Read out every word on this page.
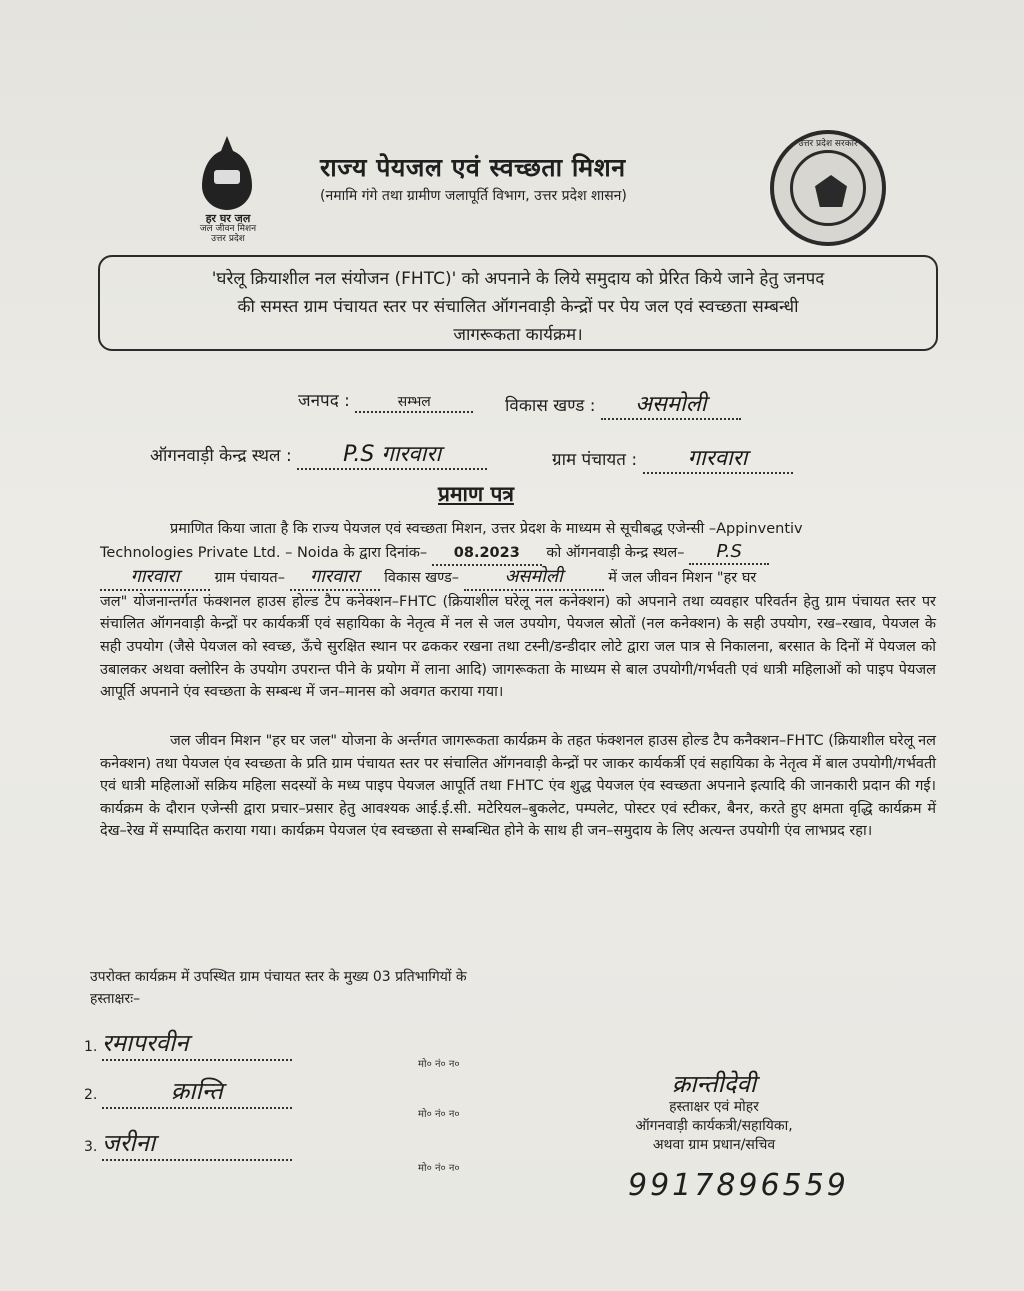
हर घर जल
जल जीवन मिशन
उत्तर प्रदेश
राज्य पेयजल एवं स्वच्छता मिशन
(नमामि गंगे तथा ग्रामीण जलापूर्ति विभाग, उत्तर प्रदेश शासन)
उत्तर प्रदेश सरकार
'घरेलू क्रियाशील नल संयोजन (FHTC)' को अपनाने के लिये समुदाय को प्रेरित किये जाने हेतु जनपद
की समस्त ग्राम पंचायत स्तर पर संचालित ऑगनवाड़ी केन्द्रों पर पेय जल एवं स्वच्छता सम्बन्धी
जागरूकता कार्यक्रम।
जनपद :	सम्भल	विकास खण्ड : असमोली
ऑगनवाड़ी केन्द्र स्थल : P.S गारवारा	ग्राम पंचायत : गारवारा
प्रमाण पत्र
प्रमाणित किया जाता है कि राज्य पेयजल एवं स्वच्छता मिशन, उत्तर प्रेदश के माध्यम से सूचीबद्ध एजेन्सी –Appinventiv
Technologies Private Ltd. – Noida के द्वारा दिनांक– 08.2023 को ऑगनवाड़ी केन्द्र स्थल– P.S
गारवारा ग्राम पंचायत– गारवारा विकास खण्ड–	असमोली	में जल जीवन मिशन "हर घर
जल" योजनान्तर्गत फंक्शनल हाउस होल्ड टैप कनेक्शन–FHTC (क्रियाशील घरेलू नल कनेक्शन) को अपनाने तथा व्यवहार परिवर्तन हेतु ग्राम पंचायत स्तर पर संचालित ऑगनवाड़ी केन्द्रों पर कार्यकर्त्री एवं सहायिका के नेतृत्व में नल से जल उपयोग, पेयजल स्रोतों (नल कनेक्शन) के सही उपयोग, रख–रखाव, पेयजल के सही उपयोग (जैसे पेयजल को स्वच्छ, ऊँचे सुरक्षित स्थान पर ढककर रखना तथा टस्नी/डन्डीदार लोटे द्वारा जल पात्र से निकालना, बरसात के दिनों में पेयजल को उबालकर अथवा क्लोरिन के उपयोग उपरान्त पीने के प्रयोग में लाना आदि) जागरूकता के माध्यम से बाल उपयोगी/गर्भवती एवं धात्री महिलाओं को पाइप पेयजल आपूर्ति अपनाने एंव स्वच्छता के सम्बन्ध में जन–मानस को अवगत कराया गया।

जल जीवन मिशन "हर घर जल" योजना के अर्न्तगत जागरूकता कार्यक्रम के तहत फंक्शनल हाउस होल्ड टैप कनैक्शन–FHTC (क्रियाशील घरेलू नल कनेक्शन) तथा पेयजल एंव स्वच्छता के प्रति ग्राम पंचायत स्तर पर संचालित ऑगनवाड़ी केन्द्रों पर जाकर कार्यकर्त्री एवं सहायिका के नेतृत्व में बाल उपयोगी/गर्भवती एवं धात्री महिलाओं सक्रिय महिला सदस्यों के मध्य पाइप पेयजल आपूर्ति तथा FHTC एंव शुद्ध पेयजल एंव स्वच्छता अपनाने इत्यादि की जानकारी प्रदान की गई। कार्यक्रम के दौरान एजेन्सी द्वारा प्रचार–प्रसार हेतु आवश्यक आई.ई.सी. मटेरियल–बुकलेट, पम्पलेट, पोस्टर एवं स्टीकर, बैनर, करते हुए क्षमता वृद्धि कार्यक्रम में देख–रेख में सम्पादित कराया गया। कार्यक्रम पेयजल एंव स्वच्छता से सम्बन्धित होने के साथ ही जन–समुदाय के लिए अत्यन्त उपयोगी एंव लाभप्रद रहा।

उपरोक्त कार्यक्रम में उपस्थित ग्राम पंचायत स्तर के मुख्य 03 प्रतिभागियों के
हस्ताक्षरः–
1. रमापरवीन
मो० नं० न०
2.	क्रान्ति
मो० नं० न०
3. जरीना
मो० नं० न०
क्रान्तीदेवी
हस्ताक्षर एवं मोहर
ऑगनवाड़ी कार्यकत्री/सहायिका,
अथवा ग्राम प्रधान/सचिव
9917896559
